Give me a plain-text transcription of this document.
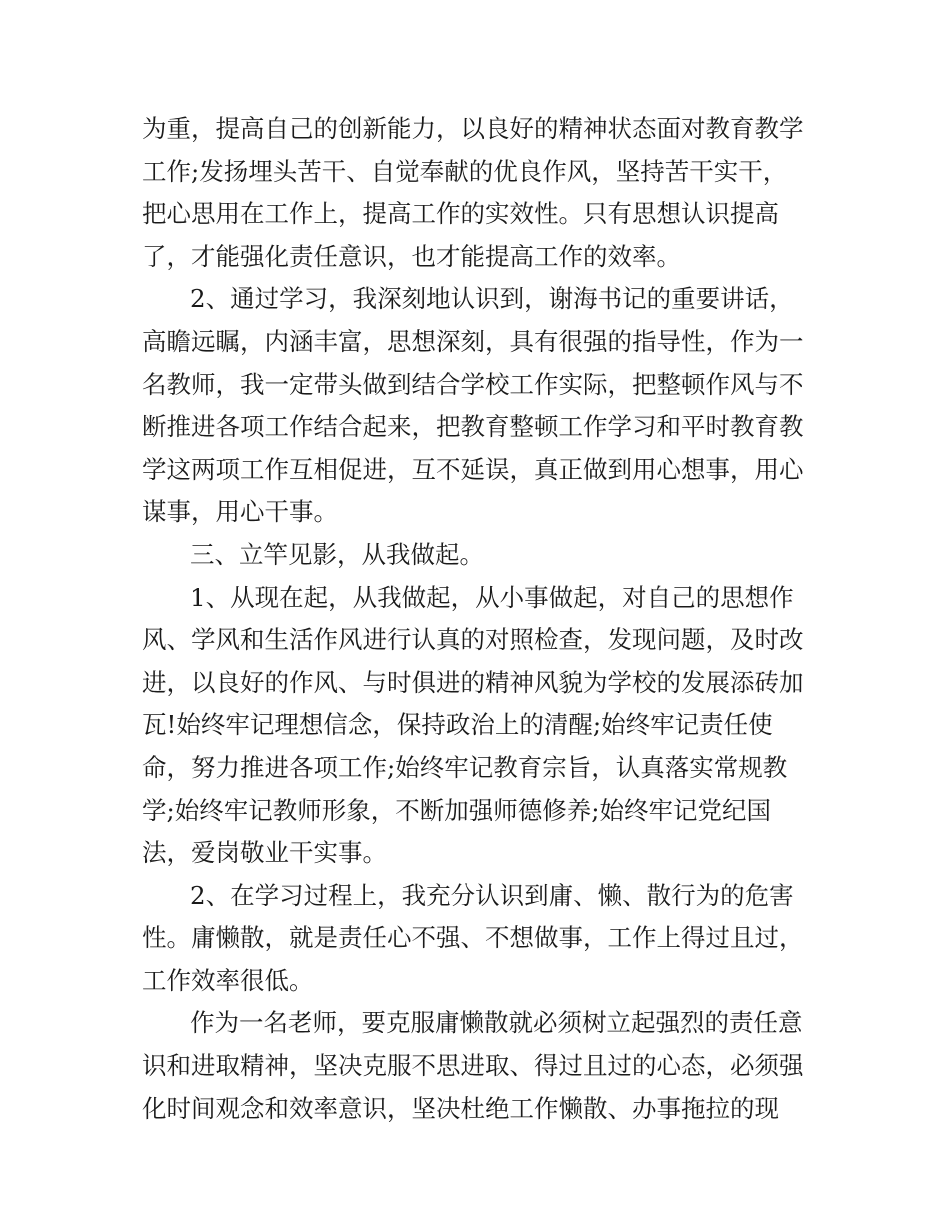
为重，提高自己的创新能力，以良好的精神状态面对教育教学
工作;发扬埋头苦干、自觉奉献的优良作风，坚持苦干实干，
把心思用在工作上，提高工作的实效性。只有思想认识提高
了，才能强化责任意识，也才能提高工作的效率。
2、通过学习，我深刻地认识到，谢海书记的重要讲话，
高瞻远瞩，内涵丰富，思想深刻，具有很强的指导性，作为一
名教师，我一定带头做到结合学校工作实际，把整顿作风与不
断推进各项工作结合起来，把教育整顿工作学习和平时教育教
学这两项工作互相促进，互不延误，真正做到用心想事，用心
谋事，用心干事。
三、立竿见影，从我做起。
1、从现在起，从我做起，从小事做起，对自己的思想作
风、学风和生活作风进行认真的对照检查，发现问题，及时改
进，以良好的作风、与时俱进的精神风貌为学校的发展添砖加
瓦!始终牢记理想信念，保持政治上的清醒;始终牢记责任使
命，努力推进各项工作;始终牢记教育宗旨，认真落实常规教
学;始终牢记教师形象，不断加强师德修养;始终牢记党纪国
法，爱岗敬业干实事。
2、在学习过程上，我充分认识到庸、懒、散行为的危害
性。庸懒散，就是责任心不强、不想做事，工作上得过且过，
工作效率很低。
作为一名老师，要克服庸懒散就必须树立起强烈的责任意
识和进取精神，坚决克服不思进取、得过且过的心态，必须强
化时间观念和效率意识，坚决杜绝工作懒散、办事拖拉的现
